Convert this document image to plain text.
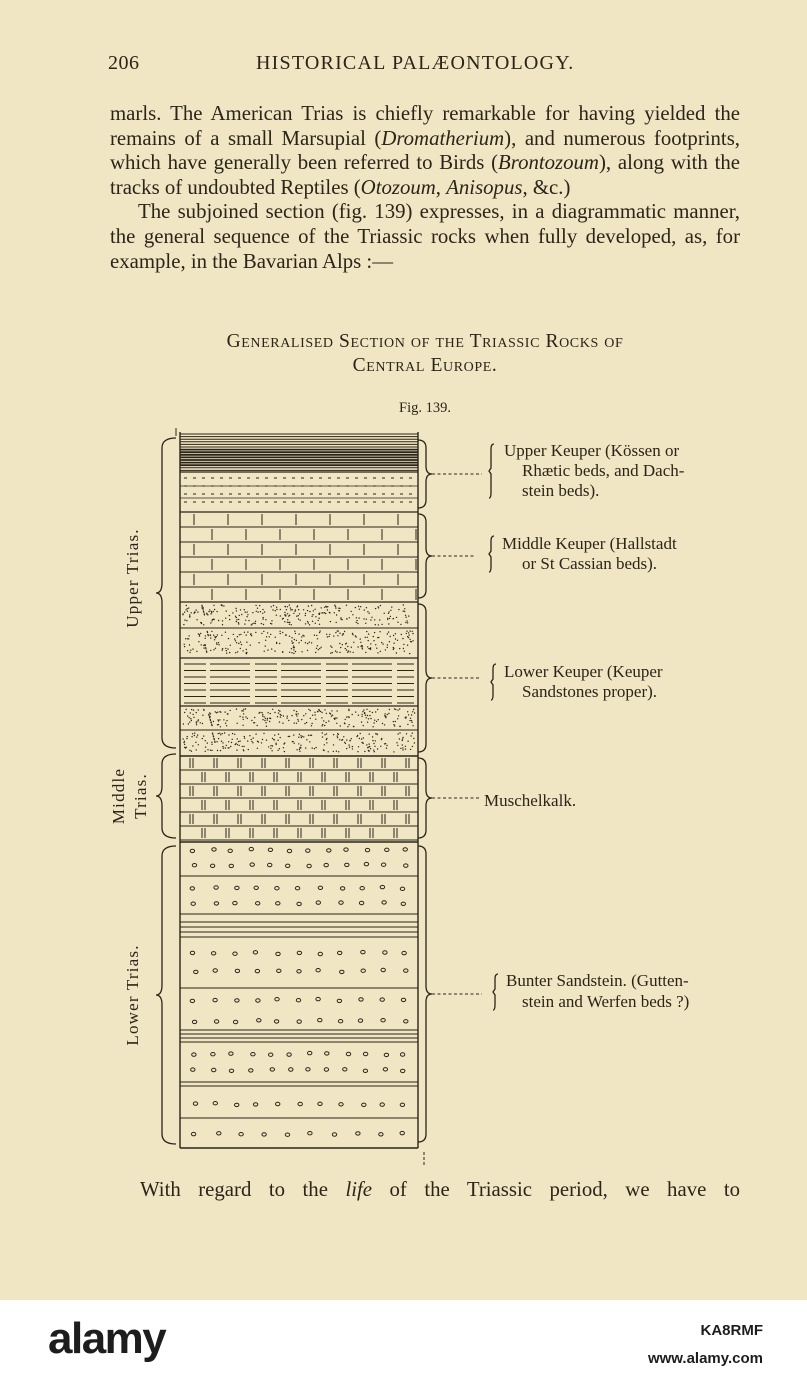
206	HISTORICAL PALÆONTOLOGY.

marls. The American Trias is chiefly remarkable for having yielded the remains of a small Marsupial (Dromatherium), and numerous footprints, which have generally been referred to Birds (Brontozoum), along with the tracks of undoubted Reptiles (Otozoum, Anisopus, &c.)

The subjoined section (fig. 139) expresses, in a diagrammatic manner, the general sequence of the Triassic rocks when fully developed, as, for example, in the Bavarian Alps :—

Generalised Section of the Triassic Rocks of
Central Europe.
Fig. 139.
Upper Trias.
Middle Trias.
Lower Trias.
Upper Keuper (Kössen or
Rhætic beds, and Dach-
stein beds).
Middle Keuper (Hallstadt
or St Cassian beds).
Lower Keuper (Keuper
Sandstones proper).
Muschelkalk.
Bunter Sandstein. (Gutten-
stein and Werfen beds ?)
With regard to the life of the Triassic period, we have to
alamy	KA8RMF
www.alamy.com
